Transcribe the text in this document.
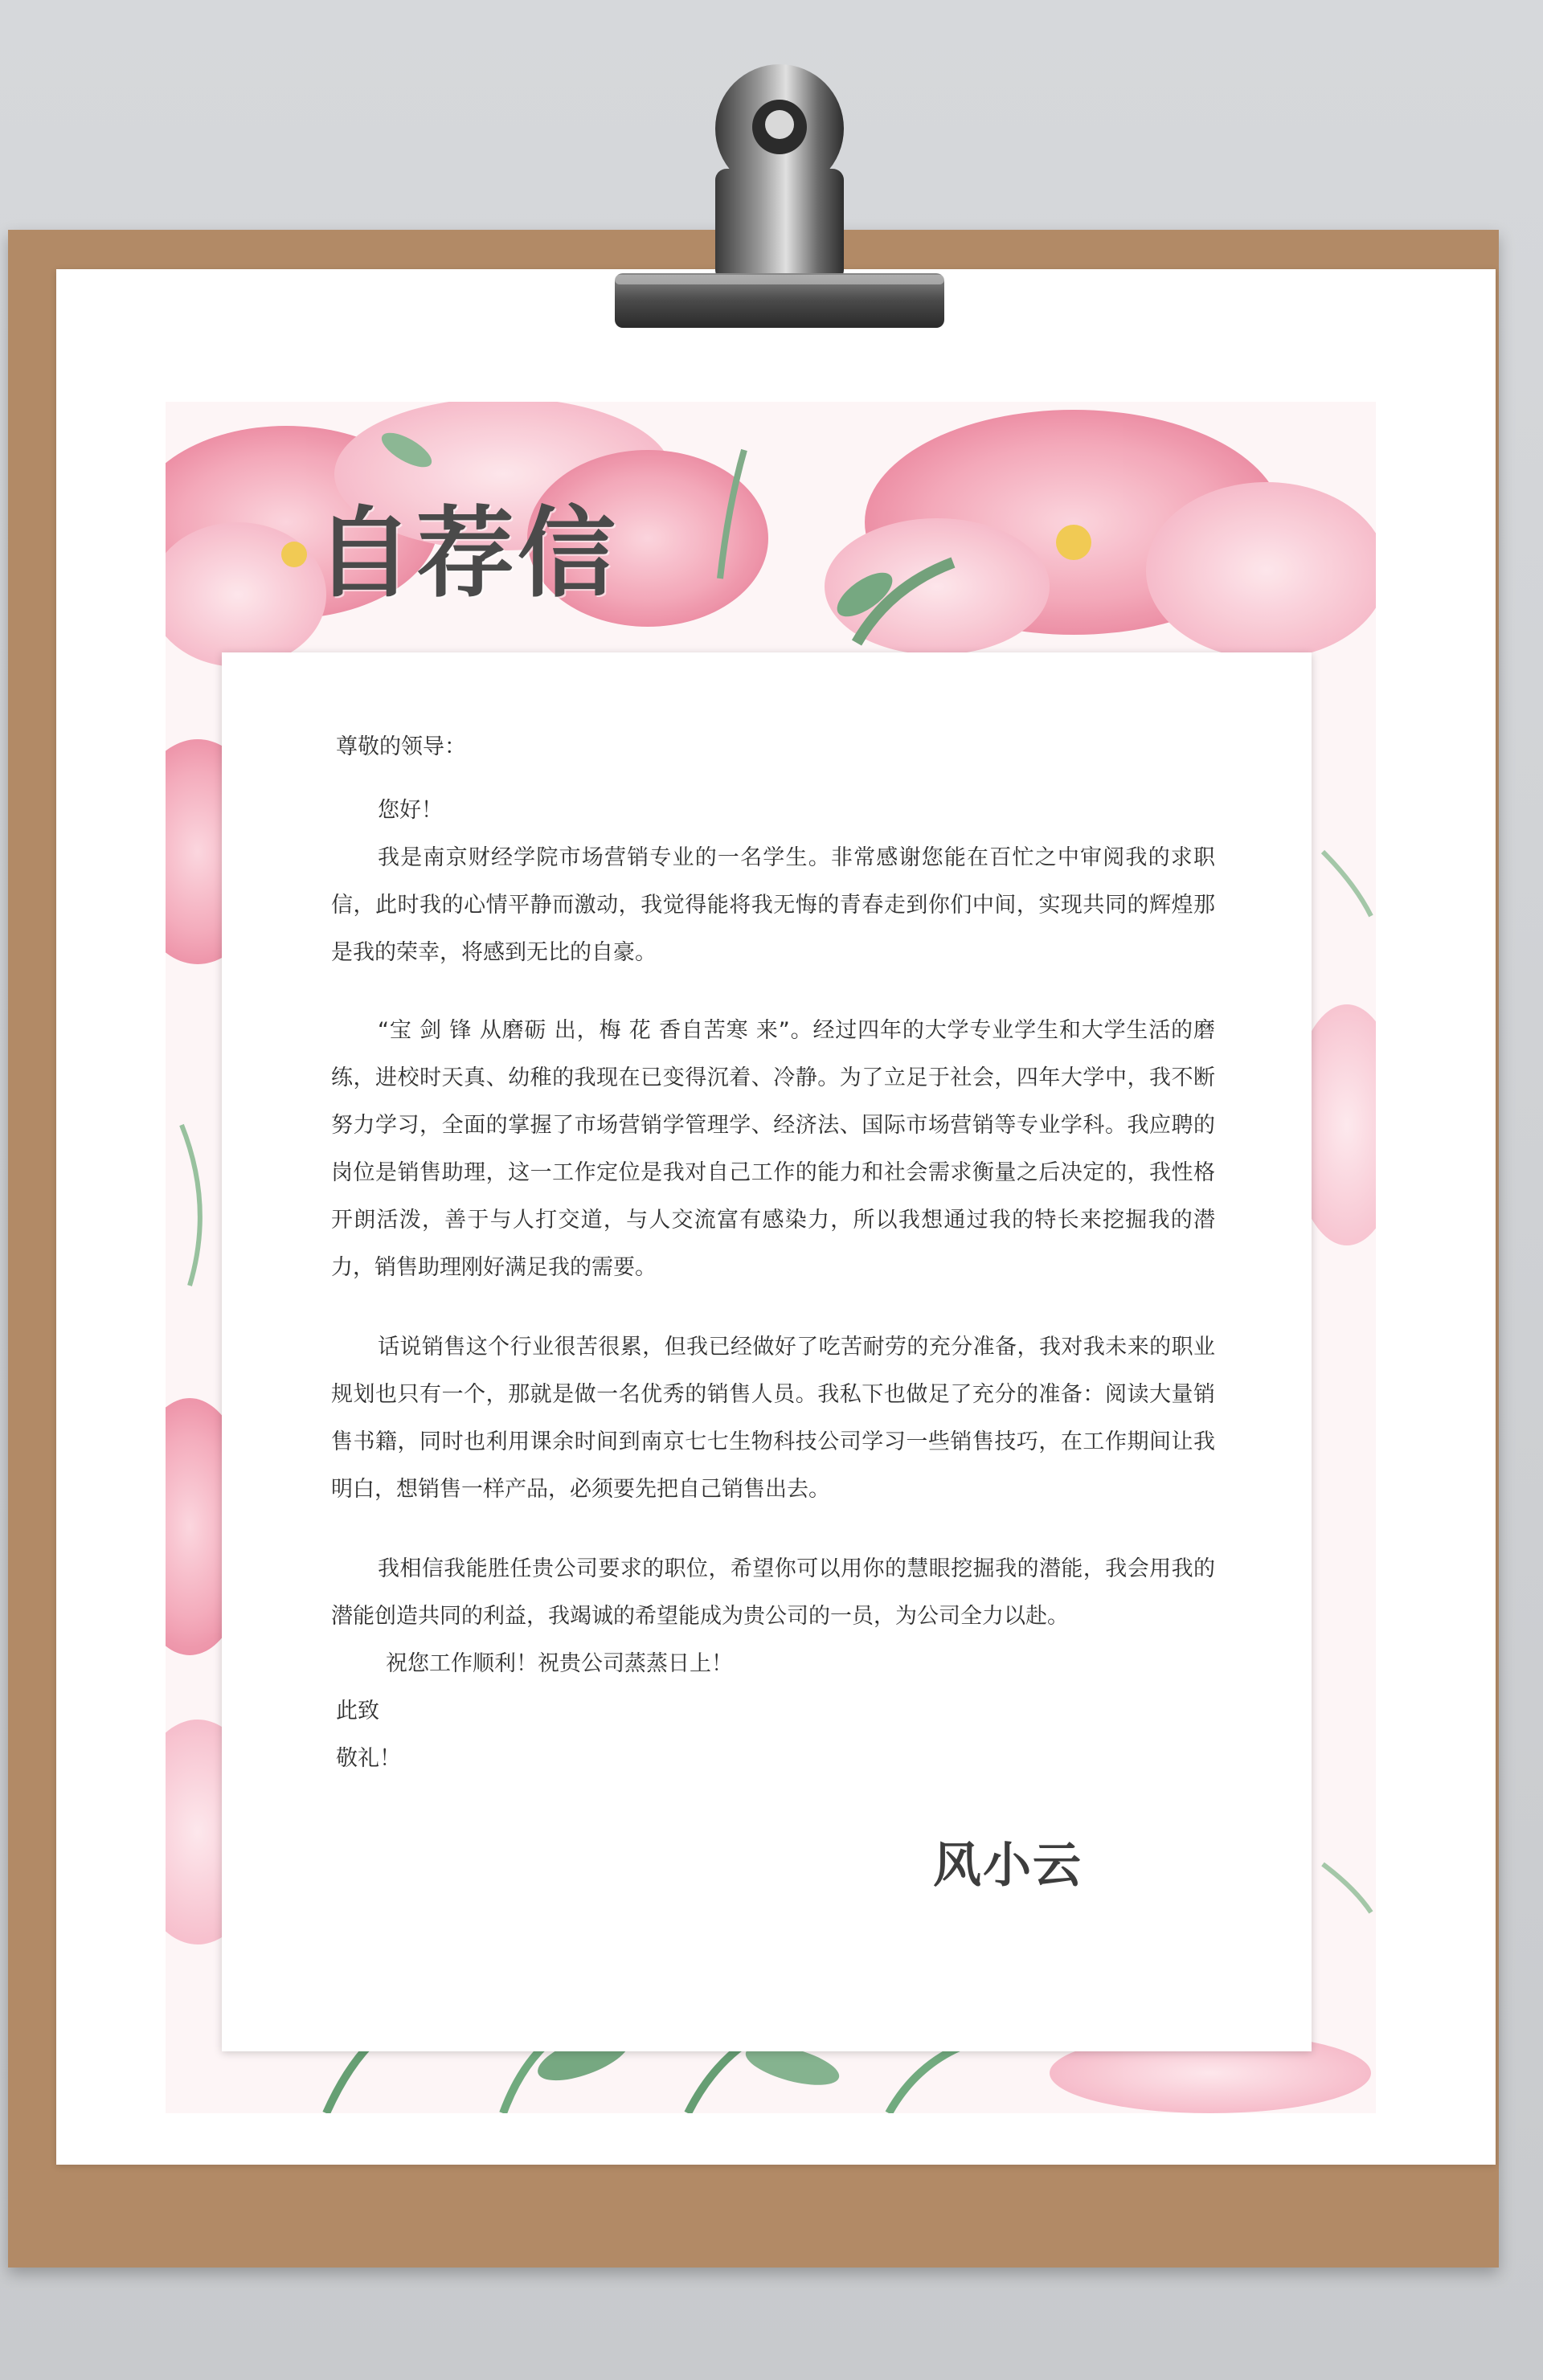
自荐信

尊敬的领导：

您好！

我是南京财经学院市场营销专业的一名学生。非常感谢您能在百忙之中审阅我的求职信，此时我的心情平静而激动，我觉得能将我无悔的青春走到你们中间，实现共同的辉煌那是我的荣幸，将感到无比的自豪。

“宝 剑 锋 从磨砺 出，梅 花 香自苦寒 来”。经过四年的大学专业学生和大学生活的磨练，进校时天真、幼稚的我现在已变得沉着、冷静。为了立足于社会，四年大学中，我不断努力学习，全面的掌握了市场营销学管理学、经济法、国际市场营销等专业学科。我应聘的岗位是销售助理，这一工作定位是我对自己工作的能力和社会需求衡量之后决定的，我性格开朗活泼，善于与人打交道，与人交流富有感染力，所以我想通过我的特长来挖掘我的潜力，销售助理刚好满足我的需要。

话说销售这个行业很苦很累，但我已经做好了吃苦耐劳的充分准备，我对我未来的职业规划也只有一个，那就是做一名优秀的销售人员。我私下也做足了充分的准备：阅读大量销售书籍，同时也利用课余时间到南京七七生物科技公司学习一些销售技巧，在工作期间让我明白，想销售一样产品，必须要先把自己销售出去。

我相信我能胜任贵公司要求的职位，希望你可以用你的慧眼挖掘我的潜能，我会用我的潜能创造共同的利益，我竭诚的希望能成为贵公司的一员，为公司全力以赴。

祝您工作顺利！祝贵公司蒸蒸日上！

此致

敬礼！

风小云
